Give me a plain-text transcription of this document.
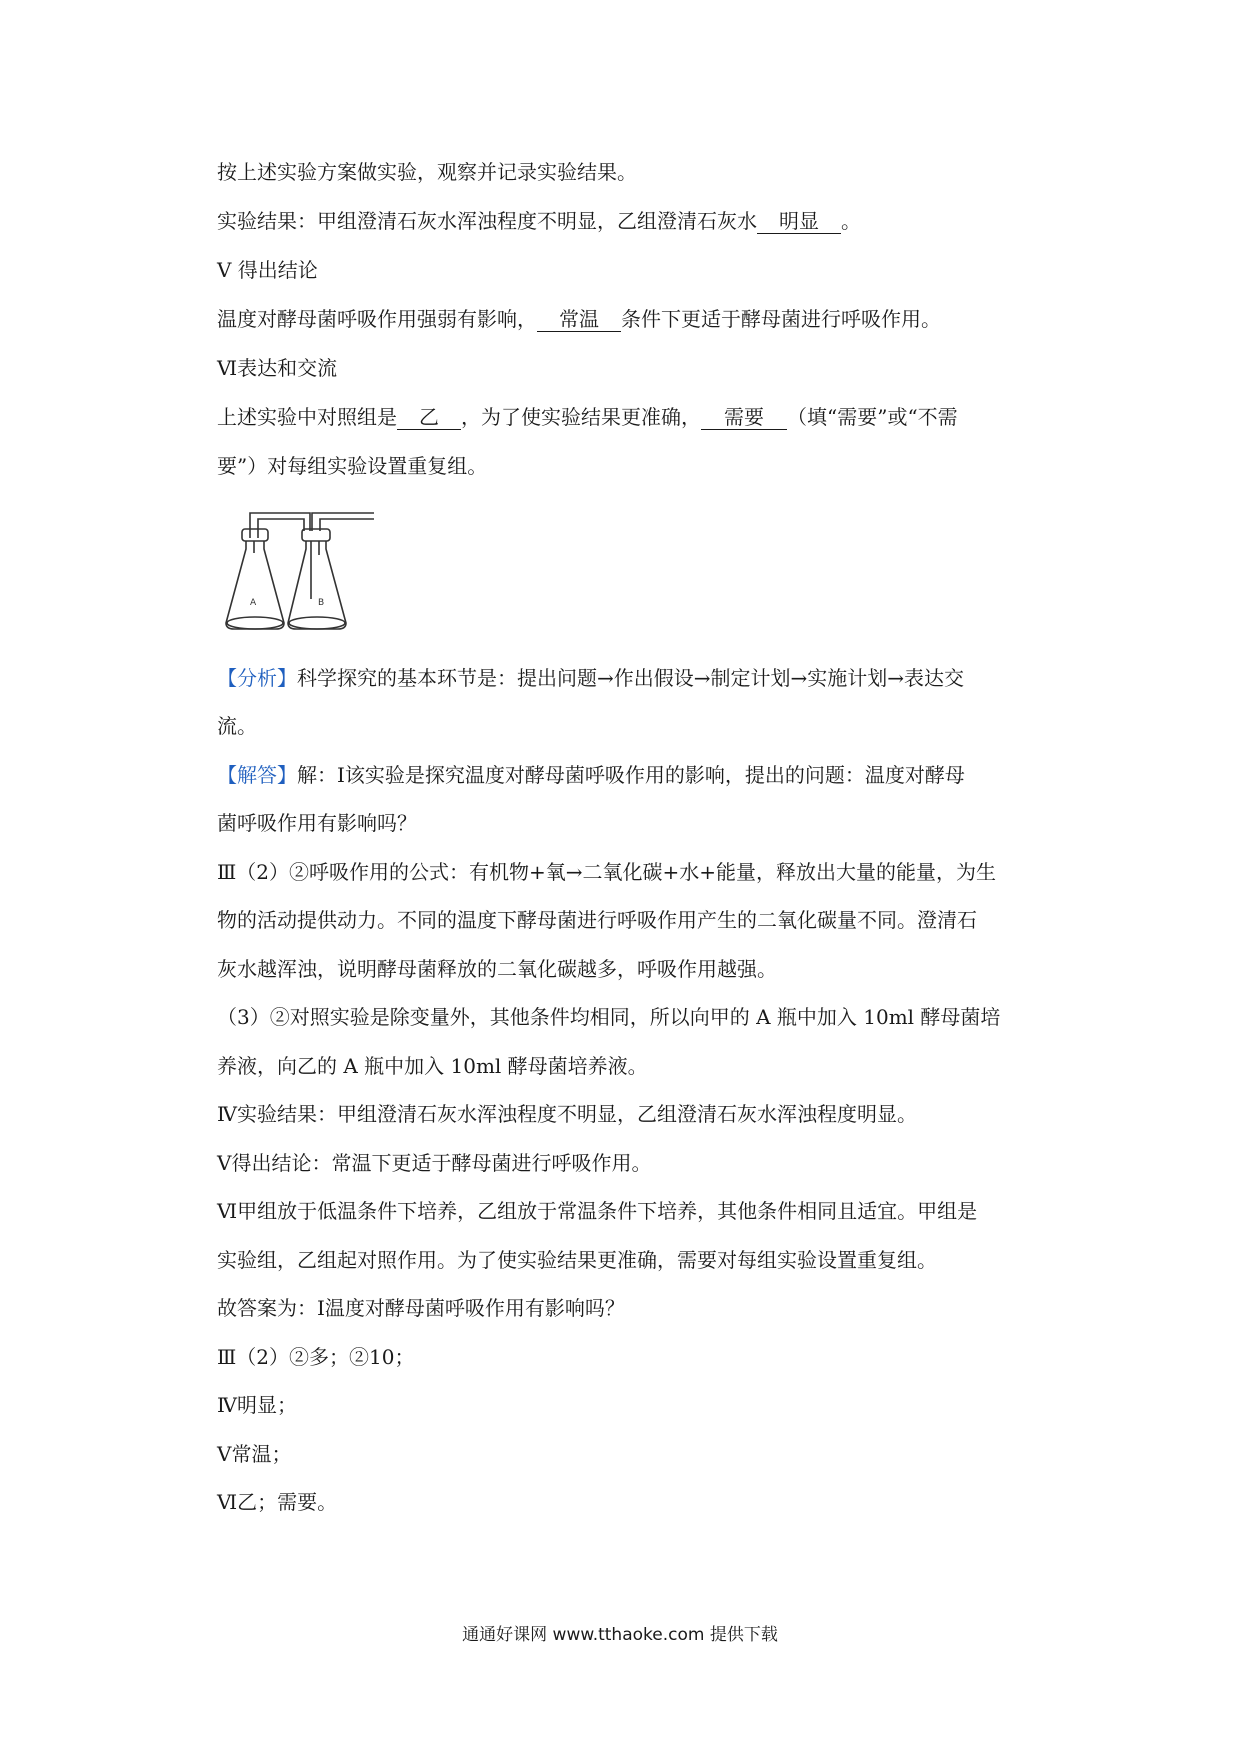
按上述实验方案做实验，观察并记录实验结果。
实验结果：甲组澄清石灰水浑浊程度不明显，乙组澄清石灰水 明显 。
V 得出结论
温度对酵母菌呼吸作用强弱有影响， 常温 条件下更适于酵母菌进行呼吸作用。
Ⅵ表达和交流
上述实验中对照组是 乙 ，为了使实验结果更准确， 需要 （填“需要”或“不需
要”）对每组实验设置重复组。
A	B
【分析】科学探究的基本环节是：提出问题→作出假设→制定计划→实施计划→表达交
流。
【解答】解：Ⅰ该实验是探究温度对酵母菌呼吸作用的影响，提出的问题：温度对酵母
菌呼吸作用有影响吗？
Ⅲ（2）②呼吸作用的公式：有机物+氧→二氧化碳+水+能量，释放出大量的能量，为生
物的活动提供动力。不同的温度下酵母菌进行呼吸作用产生的二氧化碳量不同。澄清石
灰水越浑浊，说明酵母菌释放的二氧化碳越多，呼吸作用越强。
（3）②对照实验是除变量外，其他条件均相同，所以向甲的 A 瓶中加入 10ml 酵母菌培
养液，向乙的 A 瓶中加入 10ml 酵母菌培养液。
Ⅳ实验结果：甲组澄清石灰水浑浊程度不明显，乙组澄清石灰水浑浊程度明显。
Ⅴ得出结论：常温下更适于酵母菌进行呼吸作用。
Ⅵ甲组放于低温条件下培养，乙组放于常温条件下培养，其他条件相同且适宜。甲组是
实验组，乙组起对照作用。为了使实验结果更准确，需要对每组实验设置重复组。
故答案为：Ⅰ温度对酵母菌呼吸作用有影响吗？
Ⅲ（2）②多；②10；
Ⅳ明显；
Ⅴ常温；
Ⅵ乙；需要。
通通好课网 www.tthaoke.com 提供下载
